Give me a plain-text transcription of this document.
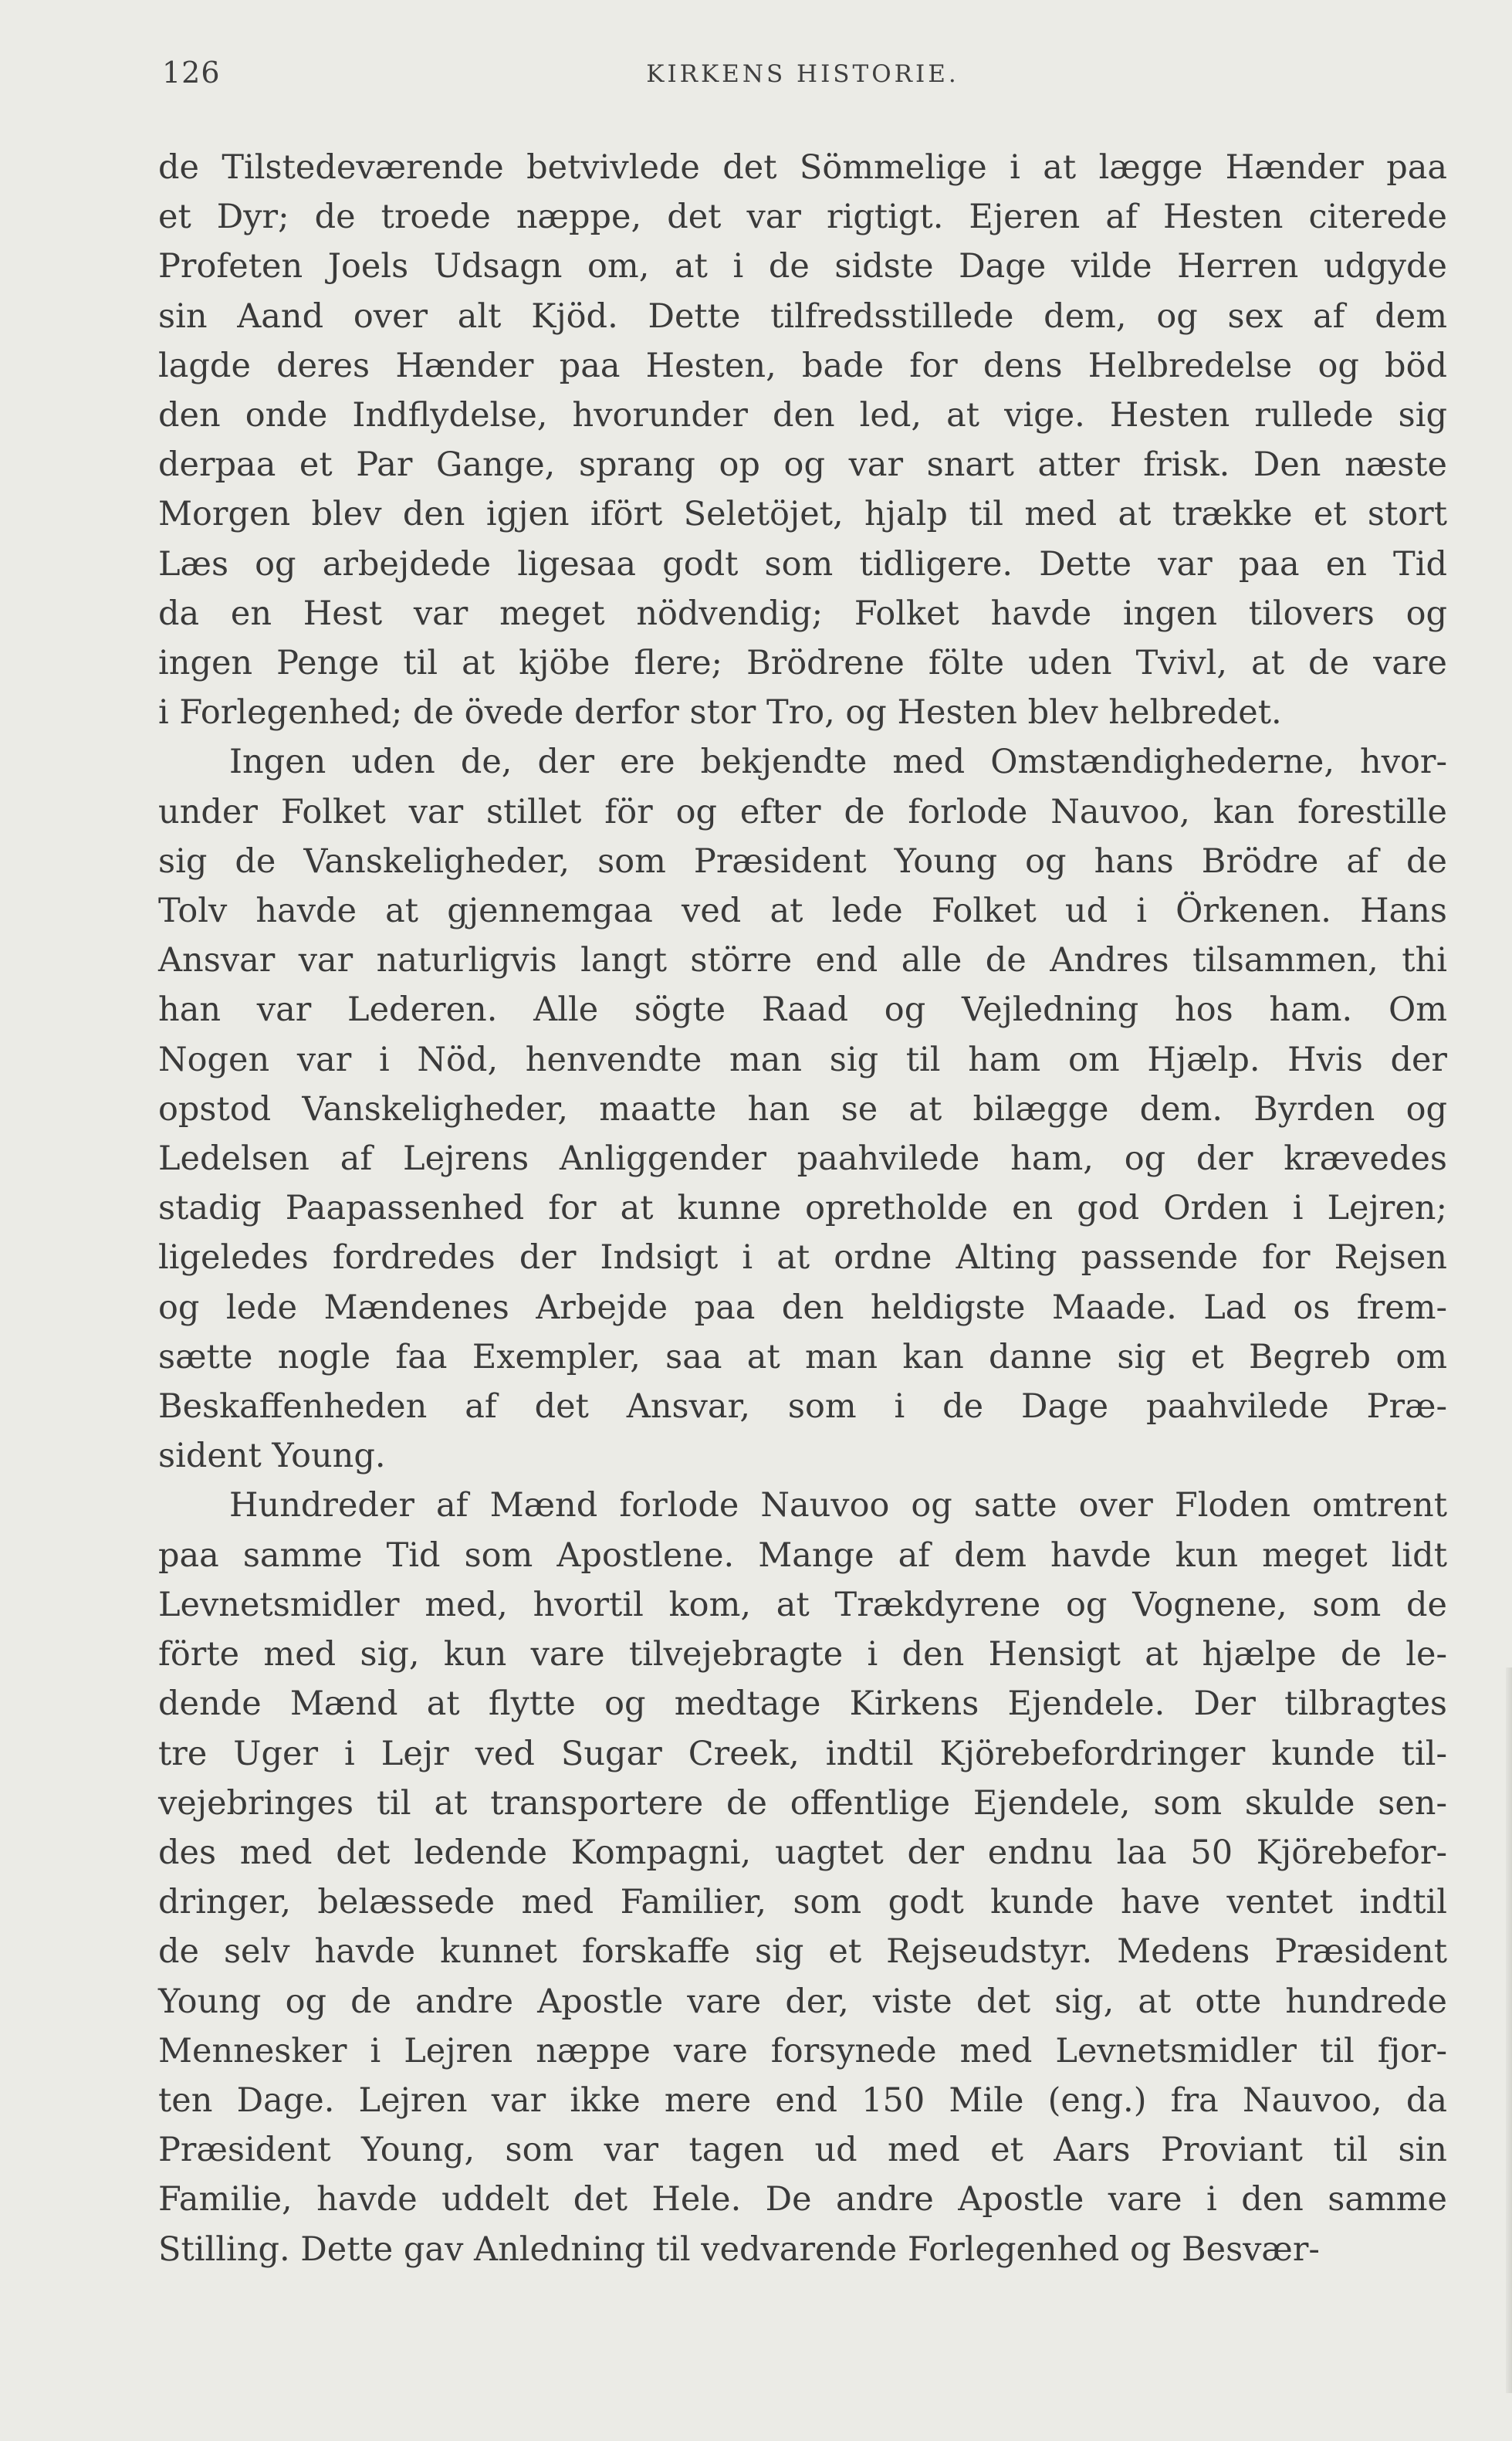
126	KIRKENS HISTORIE.

de Tilstedeværende betvivlede det Sömmelige i at lægge Hænder paa
et Dyr; de troede næppe, det var rigtigt. Ejeren af Hesten citerede
Profeten Joels Udsagn om, at i de sidste Dage vilde Herren udgyde
sin Aand over alt Kjöd. Dette tilfredsstillede dem, og sex af dem
lagde deres Hænder paa Hesten, bade for dens Helbredelse og böd
den onde Indflydelse, hvorunder den led, at vige. Hesten rullede sig
derpaa et Par Gange, sprang op og var snart atter frisk. Den næste
Morgen blev den igjen ifört Seletöjet, hjalp til med at trække et stort
Læs og arbejdede ligesaa godt som tidligere. Dette var paa en Tid
da en Hest var meget nödvendig; Folket havde ingen tilovers og
ingen Penge til at kjöbe flere; Brödrene fölte uden Tvivl, at de vare
i Forlegenhed; de övede derfor stor Tro, og Hesten blev helbredet.

Ingen uden de, der ere bekjendte med Omstændighederne, hvor-
under Folket var stillet för og efter de forlode Nauvoo, kan forestille
sig de Vanskeligheder, som Præsident Young og hans Brödre af de
Tolv havde at gjennemgaa ved at lede Folket ud i Örkenen. Hans
Ansvar var naturligvis langt större end alle de Andres tilsammen, thi
han var Lederen. Alle sögte Raad og Vejledning hos ham. Om
Nogen var i Nöd, henvendte man sig til ham om Hjælp. Hvis der
opstod Vanskeligheder, maatte han se at bilægge dem. Byrden og
Ledelsen af Lejrens Anliggender paahvilede ham, og der krævedes
stadig Paapassenhed for at kunne opretholde en god Orden i Lejren;
ligeledes fordredes der Indsigt i at ordne Alting passende for Rejsen
og lede Mændenes Arbejde paa den heldigste Maade. Lad os frem-
sætte nogle faa Exempler, saa at man kan danne sig et Begreb om
Beskaffenheden af det Ansvar, som i de Dage paahvilede Præ-
sident Young.

Hundreder af Mænd forlode Nauvoo og satte over Floden omtrent
paa samme Tid som Apostlene. Mange af dem havde kun meget lidt
Levnetsmidler med, hvortil kom, at Trækdyrene og Vognene, som de
förte med sig, kun vare tilvejebragte i den Hensigt at hjælpe de le-
dende Mænd at flytte og medtage Kirkens Ejendele. Der tilbragtes
tre Uger i Lejr ved Sugar Creek, indtil Kjörebefordringer kunde til-
vejebringes til at transportere de offentlige Ejendele, som skulde sen-
des med det ledende Kompagni, uagtet der endnu laa 50 Kjörebefor-
dringer, belæssede med Familier, som godt kunde have ventet indtil
de selv havde kunnet forskaffe sig et Rejseudstyr. Medens Præsident
Young og de andre Apostle vare der, viste det sig, at otte hundrede
Mennesker i Lejren næppe vare forsynede med Levnetsmidler til fjor-
ten Dage. Lejren var ikke mere end 150 Mile (eng.) fra Nauvoo, da
Præsident Young, som var tagen ud med et Aars Proviant til sin
Familie, havde uddelt det Hele. De andre Apostle vare i den samme
Stilling. Dette gav Anledning til vedvarende Forlegenhed og Besvær-
